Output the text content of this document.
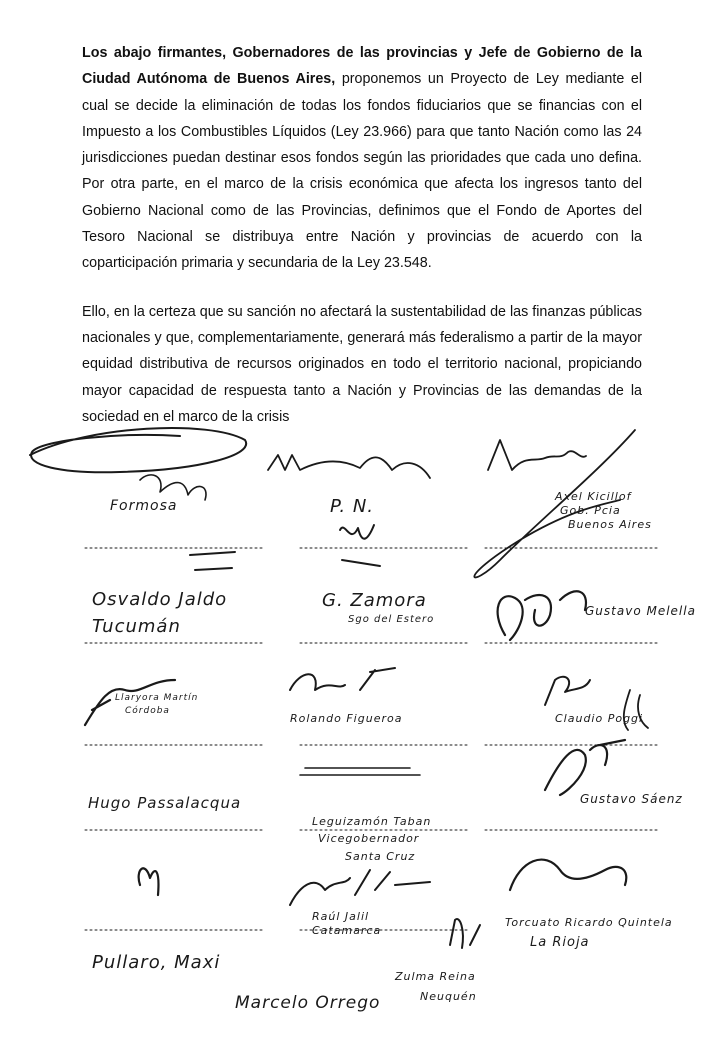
Los abajo firmantes, Gobernadores de las provincias y Jefe de Gobierno de la Ciudad Autónoma de Buenos Aires, proponemos un Proyecto de Ley mediante el cual se decide la eliminación de todas los fondos fiduciarios que se financias con el Impuesto a los Combustibles Líquidos (Ley 23.966) para que tanto Nación como las 24 jurisdicciones puedan destinar esos fondos según las prioridades que cada uno defina. Por otra parte, en el marco de la crisis económica que afecta los ingresos tanto del Gobierno Nacional como de las Provincias, definimos que el Fondo de Aportes del Tesoro Nacional se distribuya entre Nación y provincias de acuerdo con la coparticipación primaria y secundaria de la Ley 23.548.

Ello, en la certeza que su sanción no afectará la sustentabilidad de las finanzas públicas nacionales y que, complementariamente, generará más federalismo a partir de la mayor equidad distributiva de recursos originados en todo el territorio nacional, propiciando mayor capacidad de respuesta tanto a Nación y Provincias de las demandas de la sociedad en el marco de la crisis

Formosa	P. N.	Axel Kicillof
Gob. Pcia
Buenos Aires
Osvaldo Jaldo
Tucumán
G. Zamora
Sgo del Estero
Gustavo Melella
Llaryora Martín
Córdoba
Rolando Figueroa	Claudio Poggi
Hugo Passalacqua	Gustavo Sáenz
Leguizamón Taban
Vicegobernador
Santa Cruz
Raúl Jalil
Catamarca
Torcuato Ricardo Quintela
La Rioja
Pullaro, Maxi
Zulma Reina
Marcelo Orrego	Neuquén
